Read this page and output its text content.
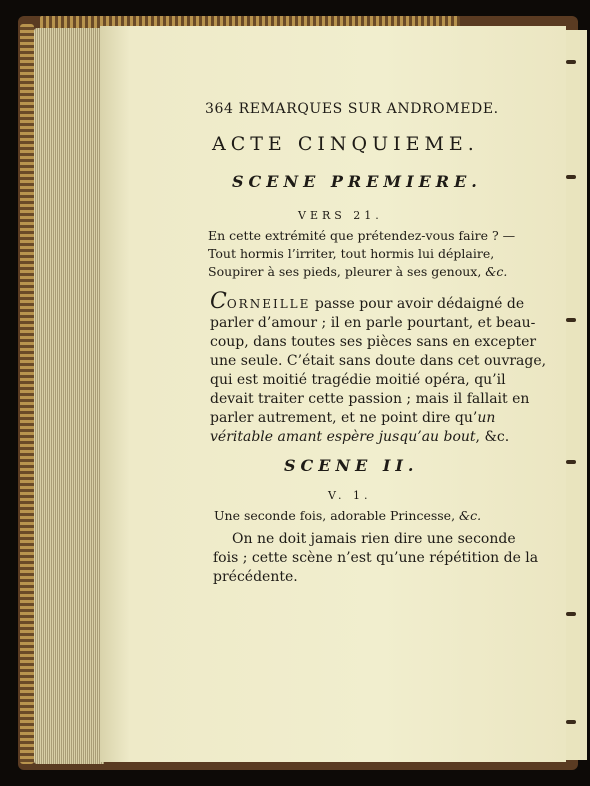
364 REMARQUES SUR ANDROMEDE.
ACTE CINQUIEME.
SCENE PREMIERE.
VERS 21.
En cette extrémité que prétendez-vous faire ? —
Tout hormis l’irriter, tout hormis lui déplaire,
Soupirer à ses pieds, pleurer à ses genoux, &c.
CORNEILLE passe pour avoir dédaigné de
parler d’amour ; il en parle pourtant, et beau-
coup, dans toutes ses pièces sans en excepter
une seule. C’était sans doute dans cet ouvrage,
qui est moitié tragédie moitié opéra, qu’il
devait traiter cette passion ; mais il fallait en
parler autrement, et ne point dire qu’un
véritable amant espère jusqu’au bout, &c.
SCENE II.
V. 1.
Une seconde fois, adorable Princesse, &c.
On ne doit jamais rien dire une seconde
fois ; cette scène n’est qu’une répétition de la
précédente.
